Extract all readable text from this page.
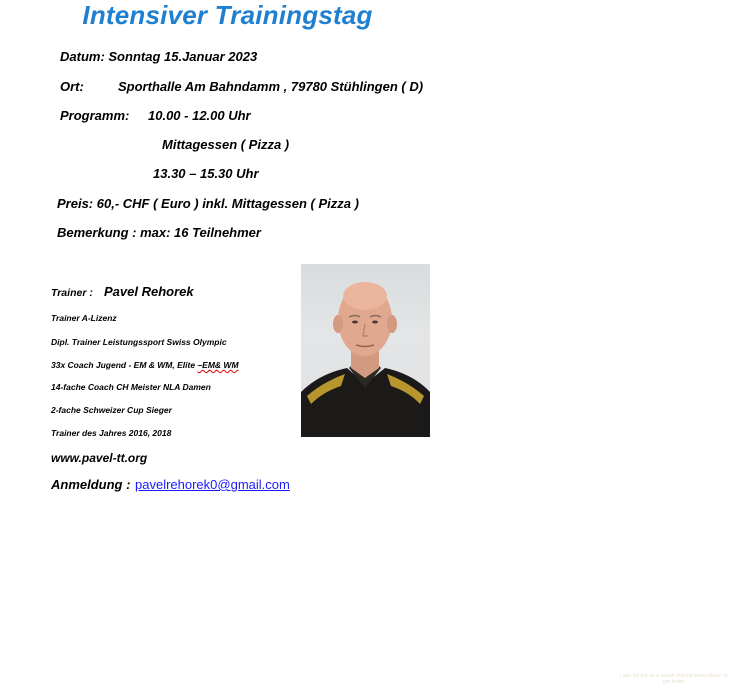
Intensiver Trainingstag
Datum: Sonntag 15.Januar 2023
Ort:	Sporthalle Am Bahndamm , 79780 Stühlingen ( D)
Programm: 10.00 - 12.00 Uhr
Mittagessen ( Pizza )
13.30 – 15.30 Uhr
Preis: 60,- CHF ( Euro ) inkl. Mittagessen ( Pizza )
Bemerkung : max: 16 Teilnehmer
Trainer : Pavel Rehorek
Trainer A-Lizenz
Dipl. Trainer Leistungssport Swiss Olympic
33x Coach Jugend - EM & WM, Elite –EM& WM
14-fache Coach CH Meister NLA Damen
2-fache Schweizer Cup Sieger
Trainer des Jahres 2016, 2018
www.pavel-tt.org
Anmeldung : pavelrehorek0@gmail.com
I see my job as a coach helping every player to get better
